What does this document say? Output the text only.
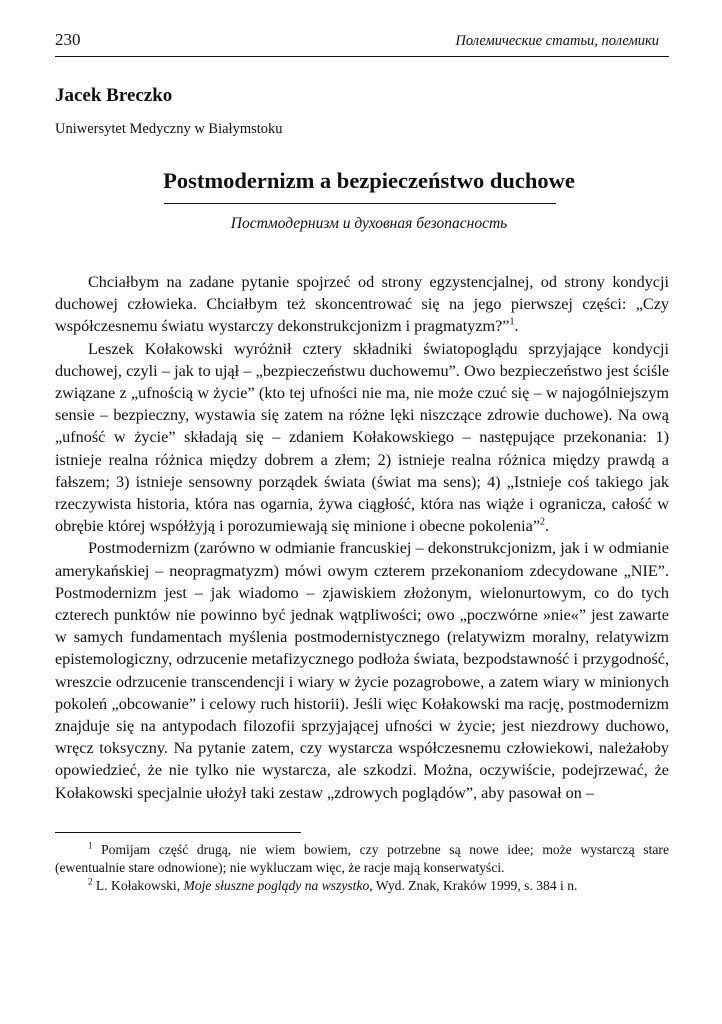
230	Полемические статьи, полемики
Jacek Breczko
Uniwersytet Medyczny w Białymstoku
Postmodernizm a bezpieczeństwo duchowe
Постмодернизм и духовная безопасность

Chciałbym na zadane pytanie spojrzeć od strony egzystencjalnej, od strony kondycji duchowej człowieka. Chciałbym też skoncentrować się na jego pierwszej części: „Czy współczesnemu światu wystarczy dekonstrukcjonizm i pragmatyzm?”$^1$.

Leszek Kołakowski wyróżnił cztery składniki światopoglądu sprzyjające kondycji duchowej, czyli – jak to ujął – „bezpieczeństwu duchowemu”. Owo bezpieczeństwo jest ściśle związane z „ufnością w życie” (kto tej ufności nie ma, nie może czuć się – w najogólniejszym sensie – bezpieczny, wystawia się zatem na różne lęki niszczące zdrowie duchowe). Na ową „ufność w życie” składają się – zdaniem Kołakowskiego – następujące przekonania: 1) istnieje realna różnica między dobrem a złem; 2) istnieje realna różnica między prawdą a fałszem; 3) istnieje sensowny porządek świata (świat ma sens); 4) „Istnieje coś takiego jak rzeczywista historia, która nas ogarnia, żywa ciągłość, która nas wiąże i ogranicza, całość w obrębie której współżyją i porozumiewają się minione i obecne pokolenia”$^2$.

Postmodernizm (zarówno w odmianie francuskiej – dekonstrukcjonizm, jak i w odmianie amerykańskiej – neopragmatyzm) mówi owym czterem przekonaniom zdecydowane „NIE”. Postmodernizm jest – jak wiadomo – zjawiskiem złożonym, wielonurtowym, co do tych czterech punktów nie powinno być jednak wątpliwości; owo „poczwórne »nie«” jest zawarte w samych fundamentach myślenia postmodernistycznego (relatywizm moralny, relatywizm epistemologiczny, odrzucenie metafizycznego podłoża świata, bezpodstawność i przygodność, wreszcie odrzucenie transcendencji i wiary w życie pozagrobowe, a zatem wiary w minionych pokoleń „obcowanie” i celowy ruch historii). Jeśli więc Kołakowski ma rację, postmodernizm znajduje się na antypodach filozofii sprzyjającej ufności w życie; jest niezdrowy duchowo, wręcz toksyczny. Na pytanie zatem, czy wystarcza współczesnemu człowiekowi, należałoby opowiedzieć, że nie tylko nie wystarcza, ale szkodzi. Można, oczywiście, podejrzewać, że Kołakowski specjalnie ułożył taki zestaw „zdrowych poglądów”, aby pasował on –

$^1$ Pomijam część drugą, nie wiem bowiem, czy potrzebne są nowe idee; może wystarczą stare (ewentualnie stare odnowione); nie wykluczam więc, że racje mają konserwatyści.

$^2$ L. Kołakowski, Moje słuszne poglądy na wszystko, Wyd. Znak, Kraków 1999, s. 384 i n.
